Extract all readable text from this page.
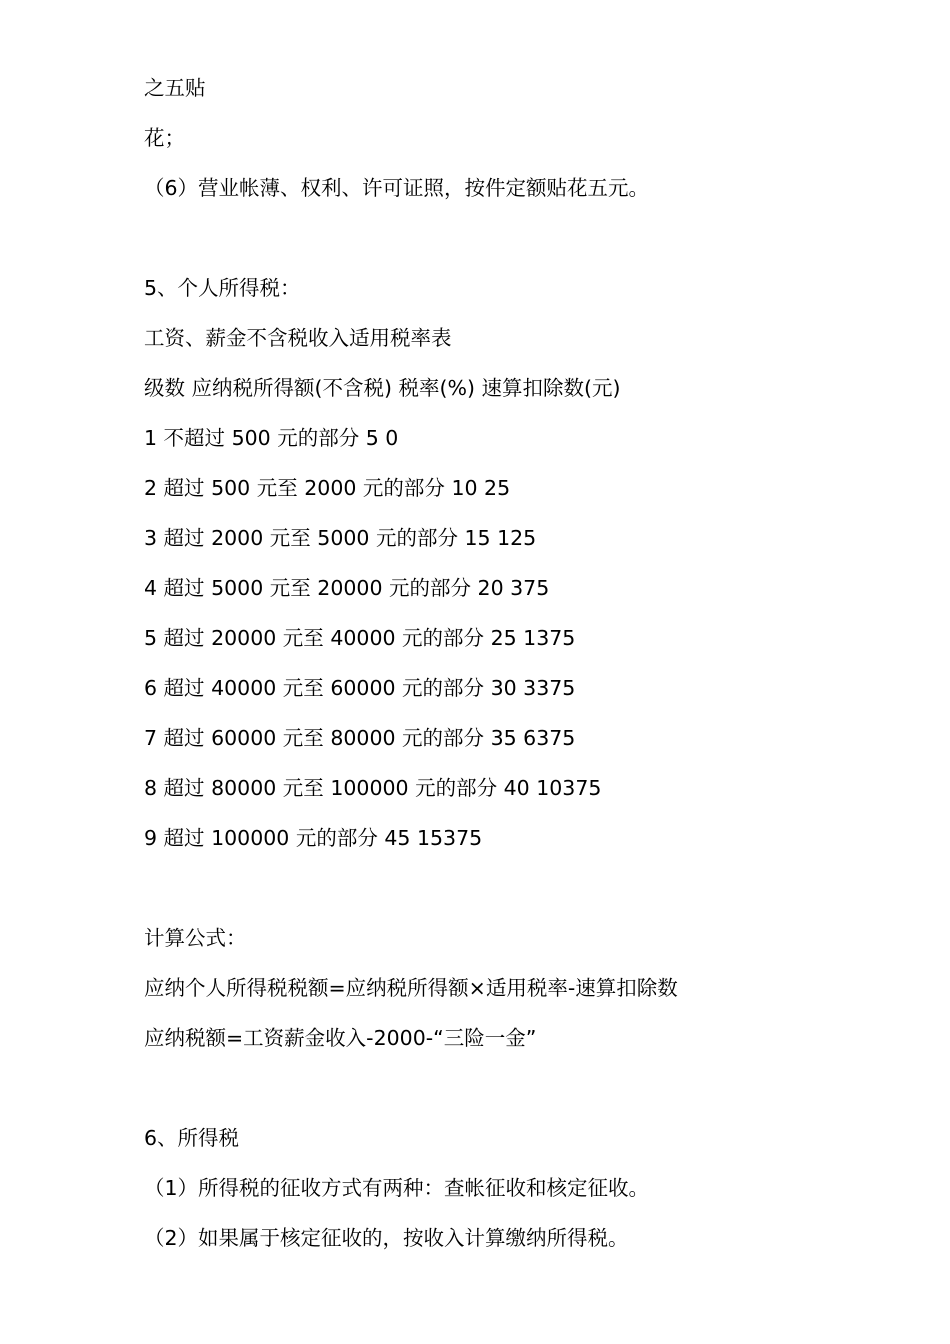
之五贴
花；
（6）营业帐薄、权利、许可证照，按件定额贴花五元。
5、个人所得税：
工资、薪金不含税收入适用税率表
级数 应纳税所得额(不含税) 税率(%) 速算扣除数(元)
1 不超过 500 元的部分 5 0
2 超过 500 元至 2000 元的部分 10 25
3 超过 2000 元至 5000 元的部分 15 125
4 超过 5000 元至 20000 元的部分 20 375
5 超过 20000 元至 40000 元的部分 25 1375
6 超过 40000 元至 60000 元的部分 30 3375
7 超过 60000 元至 80000 元的部分 35 6375
8 超过 80000 元至 100000 元的部分 40 10375
9 超过 100000 元的部分 45 15375
计算公式：
应纳个人所得税税额=应纳税所得额×适用税率-速算扣除数
应纳税额=工资薪金收入-2000-“三险一金”
6、所得税
（1）所得税的征收方式有两种：查帐征收和核定征收。
（2）如果属于核定征收的，按收入计算缴纳所得税。
